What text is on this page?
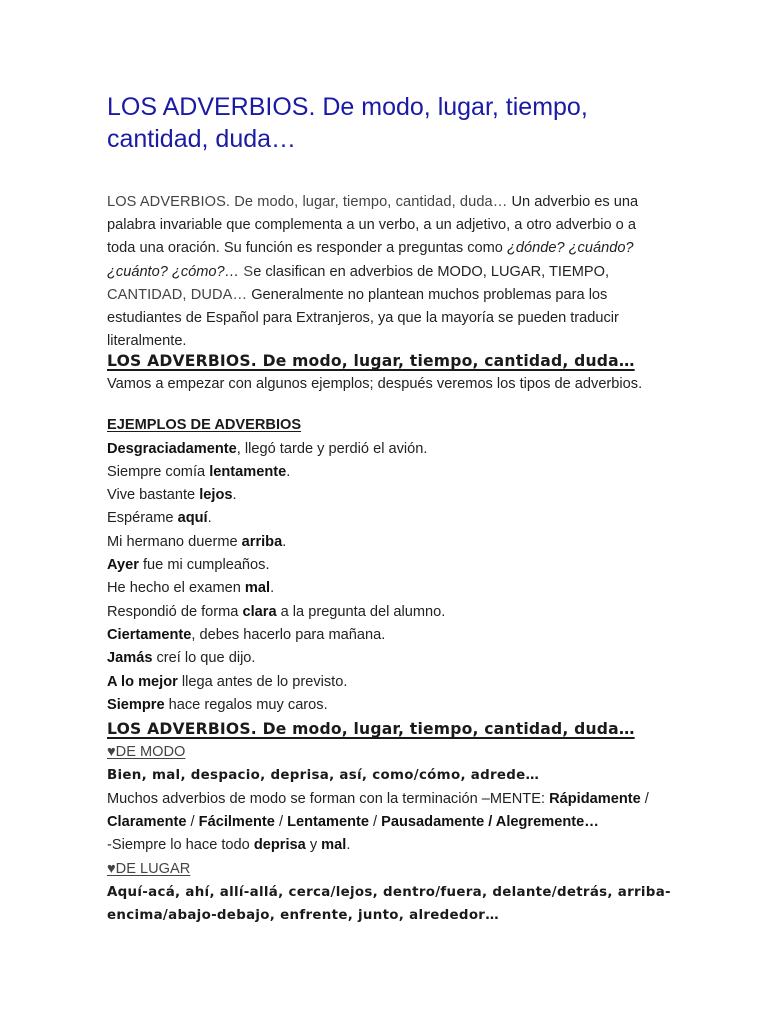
LOS ADVERBIOS. De modo, lugar, tiempo, cantidad, duda…

LOS ADVERBIOS. De modo, lugar, tiempo, cantidad, duda… Un adverbio es una palabra invariable que complementa a un verbo, a un adjetivo, a otro adverbio o a toda una oración. Su función es responder a preguntas como ¿dónde? ¿cuándo? ¿cuánto? ¿cómo?… Se clasifican en adverbios de MODO, LUGAR, TIEMPO, CANTIDAD, DUDA… Generalmente no plantean muchos problemas para los estudiantes de Español para Extranjeros, ya que la mayoría se pueden traducir literalmente.

LOS ADVERBIOS. De modo, lugar, tiempo, cantidad, duda…

Vamos a empezar con algunos ejemplos; después veremos los tipos de adverbios.

EJEMPLOS DE ADVERBIOS

Desgraciadamente, llegó tarde y perdió el avión.

Siempre comía lentamente.

Vive bastante lejos.

Espérame aquí.

Mi hermano duerme arriba.

Ayer fue mi cumpleaños.

He hecho el examen mal.

Respondió de forma clara a la pregunta del alumno.

Ciertamente, debes hacerlo para mañana.

Jamás creí lo que dijo.

A lo mejor llega antes de lo previsto.

Siempre hace regalos muy caros.

LOS ADVERBIOS. De modo, lugar, tiempo, cantidad, duda…

♥DE MODO

Bien, mal, despacio, deprisa, así, como/cómo, adrede…

Muchos adverbios de modo se forman con la terminación –MENTE: Rápidamente / Claramente / Fácilmente / Lentamente / Pausadamente / Alegremente…

-Siempre lo hace todo deprisa y mal.

♥DE LUGAR

Aquí-acá, ahí, allí-allá, cerca/lejos, dentro/fuera, delante/detrás, arriba-encima/abajo-debajo, enfrente, junto, alrededor…
